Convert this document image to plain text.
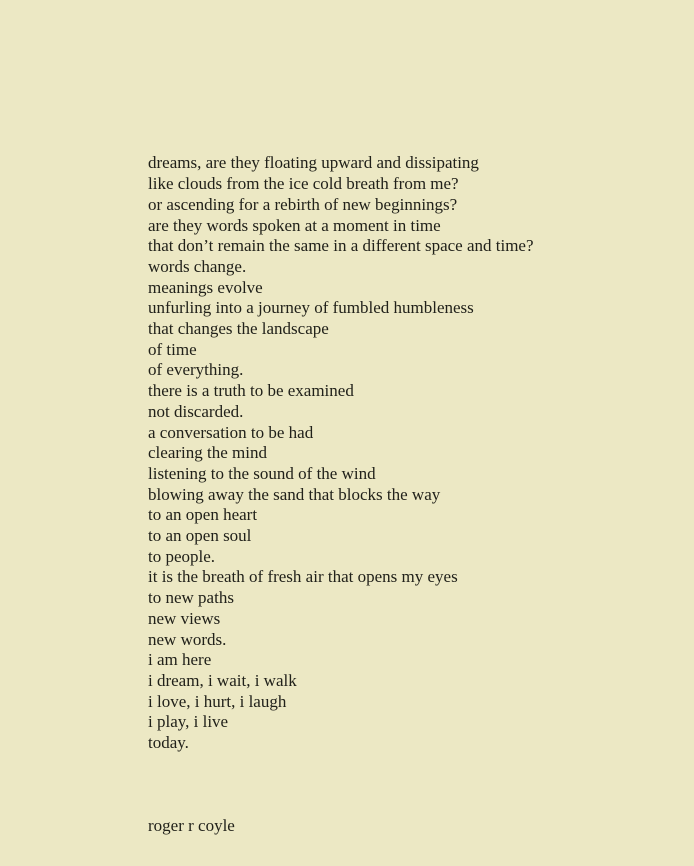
dreams, are they floating upward and dissipating
like clouds from the ice cold breath from me?
or ascending for a rebirth of new beginnings?
are they words spoken at a moment in time
that don’t remain the same in a different space and time?
words change.
meanings evolve
unfurling into a journey of fumbled humbleness
that changes the landscape
of time
of everything.
there is a truth to be examined
not discarded.
a conversation to be had
clearing the mind
listening to the sound of the wind
blowing away the sand that blocks the way
to an open heart
to an open soul
to people.
it is the breath of fresh air that opens my eyes
to new paths
new views
new words.
i am here
i dream, i wait, i walk
i love, i hurt, i laugh
i play, i live
today.

roger r coyle
